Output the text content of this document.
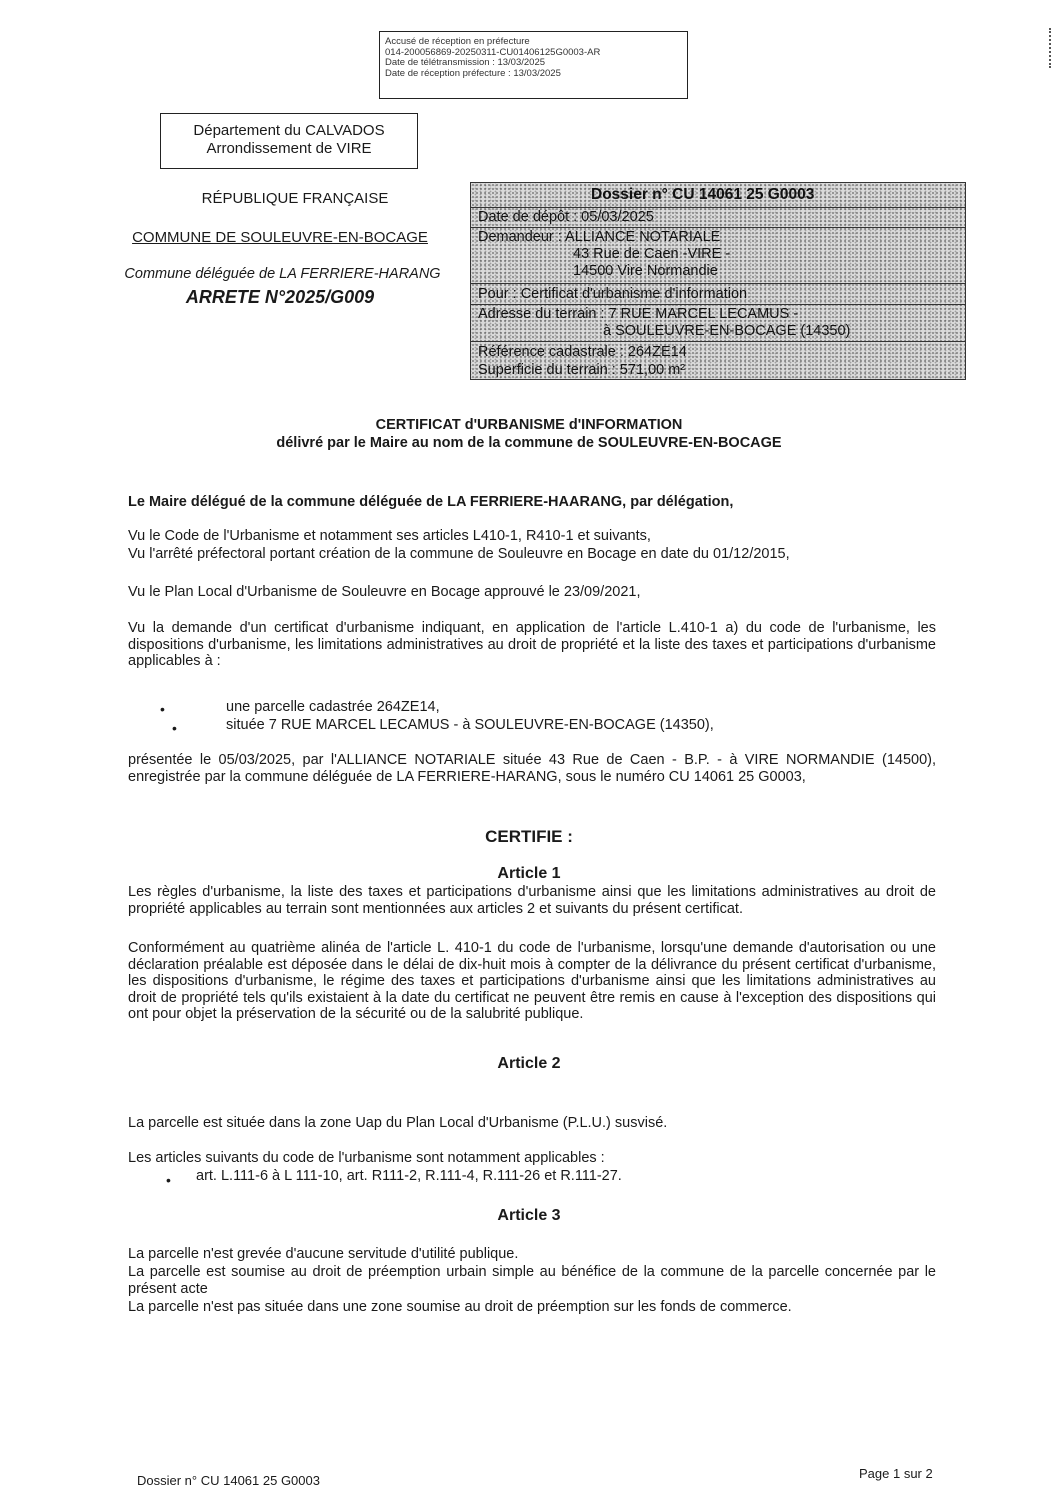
Accusé de réception en préfecture
014-200056869-20250311-CU01406125G0003-AR
Date de télétransmission : 13/03/2025
Date de réception préfecture : 13/03/2025
Département du CALVADOS
Arrondissement de VIRE
RÉPUBLIQUE FRANÇAISE
COMMUNE DE SOULEUVRE-EN-BOCAGE
Commune déléguée de LA FERRIERE-HARANG
ARRETE N°2025/G009
Dossier n° CU 14061 25 G0003
Date de dépôt : 05/03/2025
Demandeur : ALLIANCE NOTARIALE
43 Rue de Caen -VIRE -
14500 Vire Normandie
Pour : Certificat d'urbanisme d'information
Adresse du terrain : 7 RUE MARCEL LECAMUS -
à SOULEUVRE-EN-BOCAGE (14350)
Référence cadastrale : 264ZE14
Superficie du terrain : 571,00 m²
CERTIFICAT d'URBANISME d'INFORMATION
délivré par le Maire au nom de la commune de SOULEUVRE-EN-BOCAGE
Le Maire délégué de la commune déléguée de LA FERRIERE-HAARANG, par délégation,
Vu le Code de l'Urbanisme et notamment ses articles L410-1, R410-1 et suivants,
Vu l'arrêté préfectoral portant création de la commune de Souleuvre en Bocage en date du 01/12/2015,
Vu le Plan Local d'Urbanisme de Souleuvre en Bocage approuvé le 23/09/2021,
Vu la demande d'un certificat d'urbanisme indiquant, en application de l'article L.410-1 a) du code de l'urbanisme, les dispositions d'urbanisme, les limitations administratives au droit de propriété et la liste des taxes et participations d'urbanisme applicables à :
•	une parcelle cadastrée 264ZE14,
•	située 7 RUE MARCEL LECAMUS - à SOULEUVRE-EN-BOCAGE (14350),
présentée le 05/03/2025, par l'ALLIANCE NOTARIALE située 43 Rue de Caen - B.P. - à VIRE NORMANDIE (14500), enregistrée par la commune déléguée de LA FERRIERE-HARANG, sous le numéro CU 14061 25 G0003,
CERTIFIE :
Article 1
Les règles d'urbanisme, la liste des taxes et participations d'urbanisme ainsi que les limitations administratives au droit de propriété applicables au terrain sont mentionnées aux articles 2 et suivants du présent certificat.
Conformément au quatrième alinéa de l'article L. 410-1 du code de l'urbanisme, lorsqu'une demande d'autorisation ou une déclaration préalable est déposée dans le délai de dix-huit mois à compter de la délivrance du présent certificat d'urbanisme, les dispositions d'urbanisme, le régime des taxes et participations d'urbanisme ainsi que les limitations administratives au droit de propriété tels qu'ils existaient à la date du certificat ne peuvent être remis en cause à l'exception des dispositions qui ont pour objet la préservation de la sécurité ou de la salubrité publique.
Article 2
La parcelle est située dans la zone Uap du Plan Local d'Urbanisme (P.L.U.) susvisé.
Les articles suivants du code de l'urbanisme sont notamment applicables :
• art. L.111-6 à L 111-10, art. R111-2, R.111-4, R.111-26 et R.111-27.
Article 3
La parcelle n'est grevée d'aucune servitude d'utilité publique.
La parcelle est soumise au droit de préemption urbain simple au bénéfice de la commune de la parcelle concernée par le présent acte
La parcelle n'est pas située dans une zone soumise au droit de préemption sur les fonds de commerce.
Dossier n° CU 14061 25 G0003	Page 1 sur 2
